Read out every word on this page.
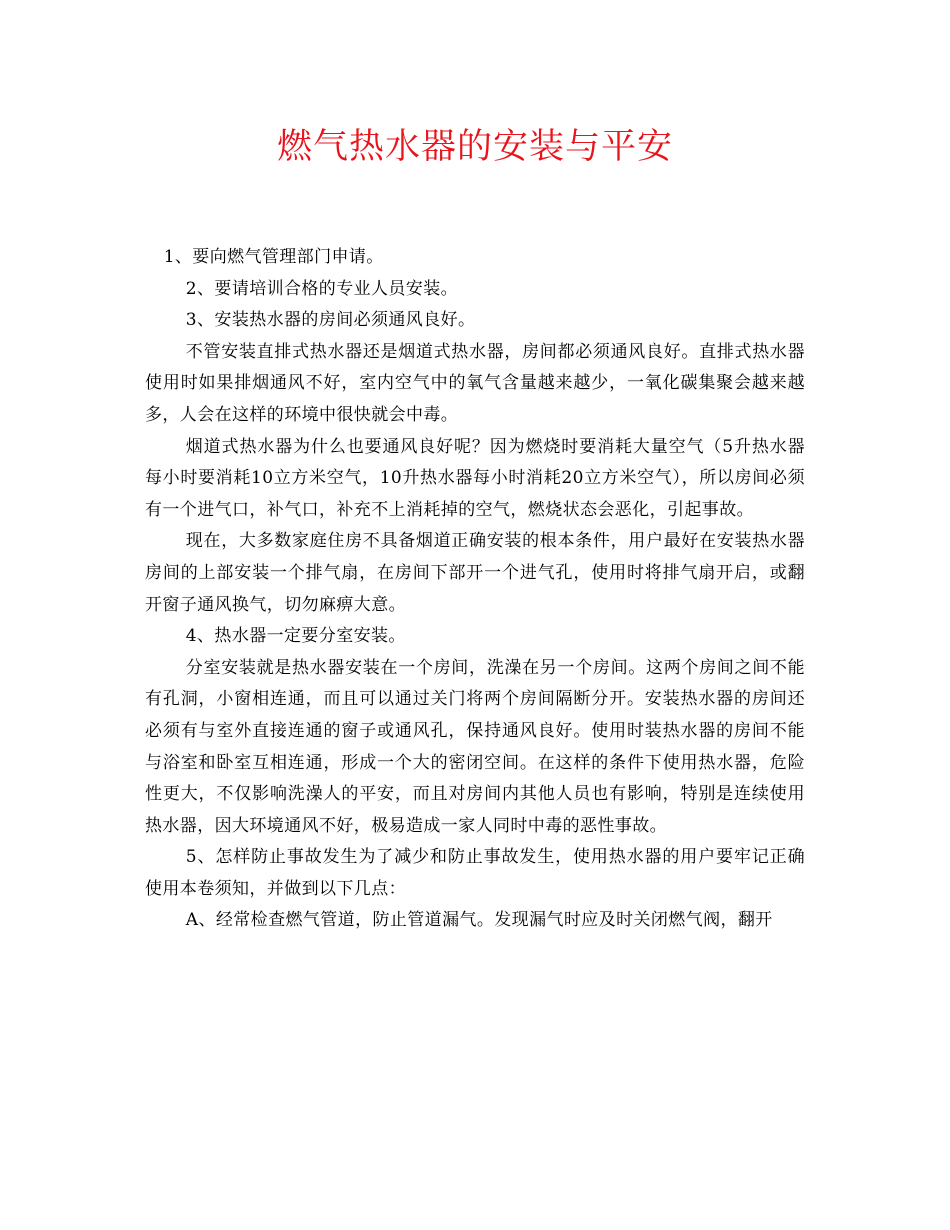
燃气热水器的安装与平安

1、要向燃气管理部门申请。

2、要请培训合格的专业人员安装。

3、安装热水器的房间必须通风良好。

不管安装直排式热水器还是烟道式热水器，房间都必须通风良好。直排式热水器使用时如果排烟通风不好，室内空气中的氧气含量越来越少，一氧化碳集聚会越来越多，人会在这样的环境中很快就会中毒。

烟道式热水器为什么也要通风良好呢？因为燃烧时要消耗大量空气（5升热水器每小时要消耗10立方米空气，10升热水器每小时消耗20立方米空气），所以房间必须有一个进气口，补气口，补充不上消耗掉的空气，燃烧状态会恶化，引起事故。

现在，大多数家庭住房不具备烟道正确安装的根本条件，用户最好在安装热水器房间的上部安装一个排气扇，在房间下部开一个进气孔，使用时将排气扇开启，或翻开窗子通风换气，切勿麻痹大意。

4、热水器一定要分室安装。

分室安装就是热水器安装在一个房间，洗澡在另一个房间。这两个房间之间不能有孔洞，小窗相连通，而且可以通过关门将两个房间隔断分开。安装热水器的房间还必须有与室外直接连通的窗子或通风孔，保持通风良好。使用时装热水器的房间不能与浴室和卧室互相连通，形成一个大的密闭空间。在这样的条件下使用热水器，危险性更大，不仅影响洗澡人的平安，而且对房间内其他人员也有影响，特别是连续使用热水器，因大环境通风不好，极易造成一家人同时中毒的恶性事故。

5、怎样防止事故发生为了减少和防止事故发生，使用热水器的用户要牢记正确使用本卷须知，并做到以下几点：

A、经常检查燃气管道，防止管道漏气。发现漏气时应及时关闭燃气阀，翻开
